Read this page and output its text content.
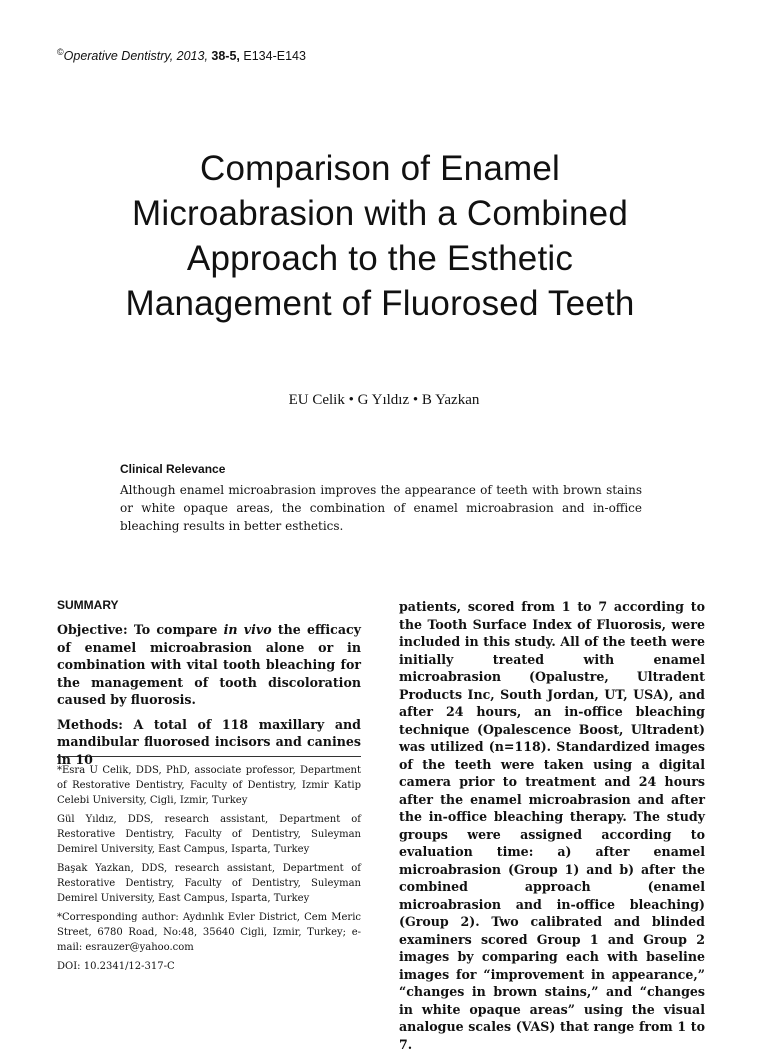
©Operative Dentistry, 2013, 38-5, E134-E143
Comparison of Enamel Microabrasion with a Combined Approach to the Esthetic Management of Fluorosed Teeth
EU Celik • G Yıldız • B Yazkan
Clinical Relevance

Although enamel microabrasion improves the appearance of teeth with brown stains or white opaque areas, the combination of enamel microabrasion and in-office bleaching results in better esthetics.

SUMMARY

Objective: To compare in vivo the efficacy of enamel microabrasion alone or in combination with vital tooth bleaching for the management of tooth discoloration caused by fluorosis.

Methods: A total of 118 maxillary and mandibular fluorosed incisors and canines in 10

*Esra U Celik, DDS, PhD, associate professor, Department of Restorative Dentistry, Faculty of Dentistry, Izmir Katip Celebi University, Cigli, Izmir, Turkey

Gül Yıldız, DDS, research assistant, Department of Restorative Dentistry, Faculty of Dentistry, Suleyman Demirel University, East Campus, Isparta, Turkey

Başak Yazkan, DDS, research assistant, Department of Restorative Dentistry, Faculty of Dentistry, Suleyman Demirel University, East Campus, Isparta, Turkey

*Corresponding author: Aydınlık Evler District, Cem Meric Street, 6780 Road, No:48, 35640 Cigli, Izmir, Turkey; e-mail: esrauzer@yahoo.com

DOI: 10.2341/12-317-C

patients, scored from 1 to 7 according to the Tooth Surface Index of Fluorosis, were included in this study. All of the teeth were initially treated with enamel microabrasion (Opalustre, Ultradent Products Inc, South Jordan, UT, USA), and after 24 hours, an in-office bleaching technique (Opalescence Boost, Ultradent) was utilized (n=118). Standardized images of the teeth were taken using a digital camera prior to treatment and 24 hours after the enamel microabrasion and after the in-office bleaching therapy. The study groups were assigned according to evaluation time: a) after enamel microabrasion (Group 1) and b) after the combined approach (enamel microabrasion and in-office bleaching) (Group 2). Two calibrated and blinded examiners scored Group 1 and Group 2 images by comparing each with baseline images for “improvement in appearance,” “changes in brown stains,” and “changes in white opaque areas” using the visual analogue scales (VAS) that range from 1 to 7.
